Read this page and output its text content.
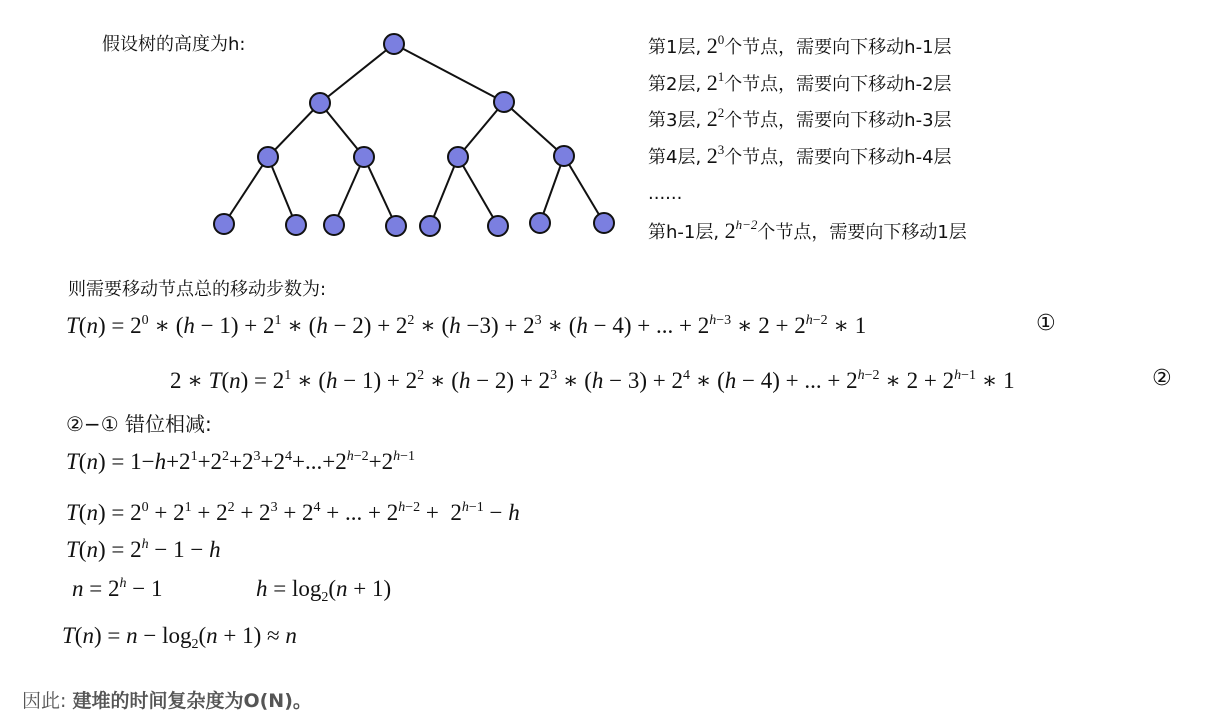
假设树的高度为h:	第1层, $2^0$个节点，需要向下移动h-1层
第2层, $2^1$个节点，需要向下移动h-2层
第3层, $2^2$个节点，需要向下移动h-3层
第4层, $2^3$个节点，需要向下移动h-4层
......
第h-1层, $2^{h-2}$个节点，需要向下移动1层
则需要移动节点总的移动步数为:
$T(n) = 2^0$ ∗ $(h - 1) + 2^1$ ∗ $(h - 2) + 2^2$ ∗ $(h -3) + 2^3$ ∗ (h − 4) + ... + $2^{h-3}$ ∗ $2 + 2^{h-2}$ ∗ 1	①
2 ∗ $T(n) = 2^1$ ∗ $(h - 1) + 2^2$ ∗ $(h - 2) + 2^3$ ∗ $(h - 3) + 2^4$ ∗ (h − 4) + ... + $2^{h-2}$ ∗ $2 + 2^{h-1}$ ∗ 1	②
②−① 错位相减:
$T(n) = 1-h+2^1+2^2+2^3+2^4+...+2^{h-2}+2^{h-1}$
$T(n) = 2^0 + 2^1 + 2^2 + 2^3 + 2^4$ + ... + $2^{h-2} + 2^{h-1} - h$
$T(n) = 2^h - 1 - h$
$n = 2^h - 1$	$h = \log_2(n + 1)$
$T(n) = n - \log_2(n + 1) \approx n$
因此: 建堆的时间复杂度为O(N)。
